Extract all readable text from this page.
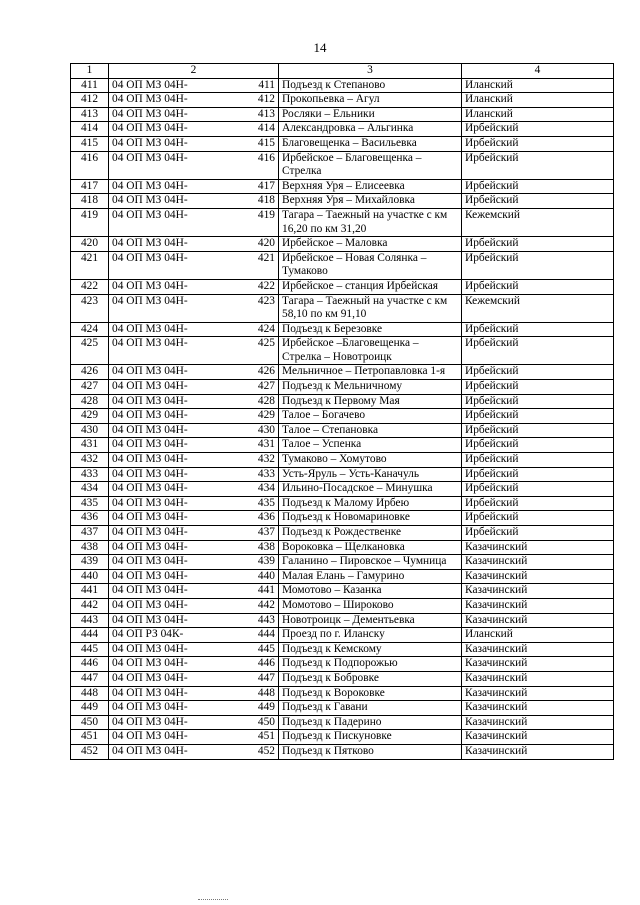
14
1	2	3	4
411	04 ОП МЗ 04Н- 411	Подъезд к Степаново	Иланский
412	04 ОП МЗ 04Н- 412	Прокопьевка – Агул	Иланский
413	04 ОП МЗ 04Н- 413	Росляки – Ельники	Иланский
414	04 ОП МЗ 04Н- 414	Александровка – Альгинка	Ирбейский
415	04 ОП МЗ 04Н- 415	Благовещенка – Васильевка	Ирбейский
416	04 ОП МЗ 04Н- 416	Ирбейское – Благовещенка – Стрелка	Ирбейский
417	04 ОП МЗ 04Н- 417	Верхняя Уря – Елисеевка	Ирбейский
418	04 ОП МЗ 04Н- 418	Верхняя Уря – Михайловка	Ирбейский
419	04 ОП МЗ 04Н- 419	Тагара – Таежный на участке с км 16,20 по км 31,20	Кежемский
420	04 ОП МЗ 04Н- 420	Ирбейское – Маловка	Ирбейский
421	04 ОП МЗ 04Н- 421	Ирбейское – Новая Солянка – Тумаково	Ирбейский
422	04 ОП МЗ 04Н- 422	Ирбейское – станция Ирбейская	Ирбейский
423	04 ОП МЗ 04Н- 423	Тагара – Таежный на участке с км 58,10 по км 91,10	Кежемский
424	04 ОП МЗ 04Н- 424	Подъезд к Березовке	Ирбейский
425	04 ОП МЗ 04Н- 425	Ирбейское –Благовещенка – Стрелка – Новотроицк	Ирбейский
426	04 ОП МЗ 04Н- 426	Мельничное – Петропавловка 1-я	Ирбейский
427	04 ОП МЗ 04Н- 427	Подъезд к Мельничному	Ирбейский
428	04 ОП МЗ 04Н- 428	Подъезд к Первому Мая	Ирбейский
429	04 ОП МЗ 04Н- 429	Талое – Богачево	Ирбейский
430	04 ОП МЗ 04Н- 430	Талое – Степановка	Ирбейский
431	04 ОП МЗ 04Н- 431	Талое – Успенка	Ирбейский
432	04 ОП МЗ 04Н- 432	Тумаково – Хомутово	Ирбейский
433	04 ОП МЗ 04Н- 433	Усть-Яруль – Усть-Каначуль	Ирбейский
434	04 ОП МЗ 04Н- 434	Ильино-Посадское – Минушка	Ирбейский
435	04 ОП МЗ 04Н- 435	Подъезд к Малому Ирбею	Ирбейский
436	04 ОП МЗ 04Н- 436	Подъезд к Новомариновке	Ирбейский
437	04 ОП МЗ 04Н- 437	Подъезд к Рождественке	Ирбейский
438	04 ОП МЗ 04Н- 438	Вороковка – Щелкановка	Казачинский
439	04 ОП МЗ 04Н- 439	Галанино – Пировское – Чумница	Казачинский
440	04 ОП МЗ 04Н- 440	Малая Елань – Гамурино	Казачинский
441	04 ОП МЗ 04Н- 441	Момотово – Казанка	Казачинский
442	04 ОП МЗ 04Н- 442	Момотово – Широково	Казачинский
443	04 ОП МЗ 04Н- 443	Новотроицк – Дементьевка	Казачинский
444	04 ОП РЗ 04К- 444	Проезд по г. Иланску	Иланский
445	04 ОП МЗ 04Н- 445	Подъезд к Кемскому	Казачинский
446	04 ОП МЗ 04Н- 446	Подъезд к Подпорожью	Казачинский
447	04 ОП МЗ 04Н- 447	Подъезд к Бобровке	Казачинский
448	04 ОП МЗ 04Н- 448	Подъезд к Вороковке	Казачинский
449	04 ОП МЗ 04Н- 449	Подъезд к Гавани	Казачинский
450	04 ОП МЗ 04Н- 450	Подъезд к Падерино	Казачинский
451	04 ОП МЗ 04Н- 451	Подъезд к Пискуновке	Казачинский
452	04 ОП МЗ 04Н- 452	Подъезд к Пятково	Казачинский
